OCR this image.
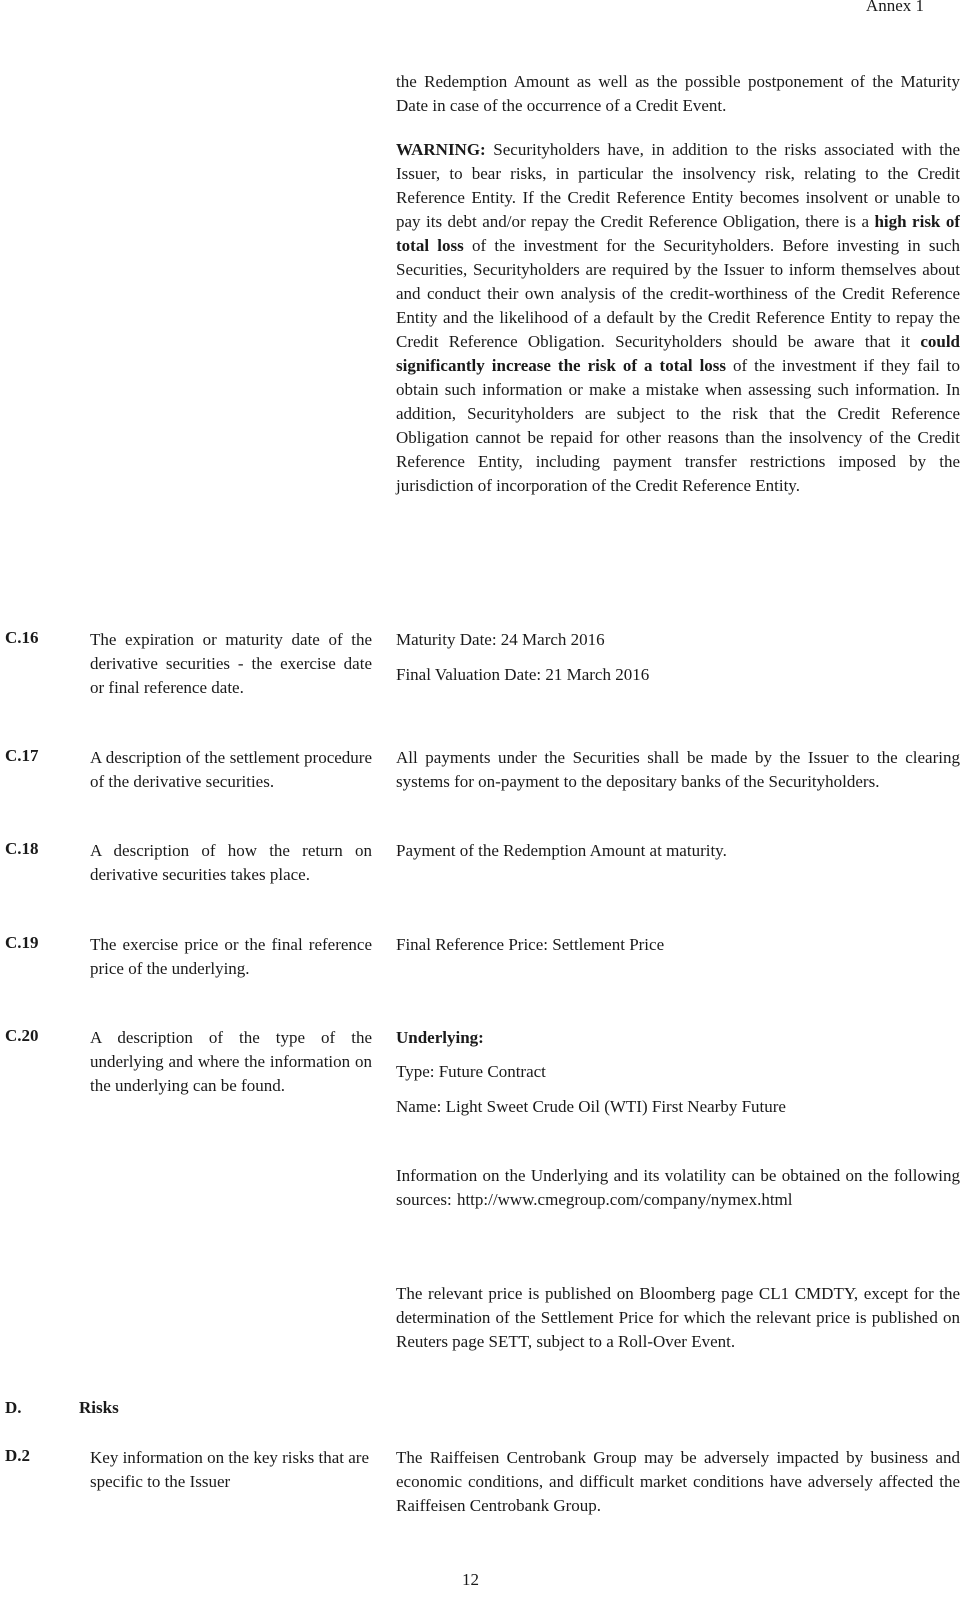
Annex 1

the Redemption Amount as well as the possible postponement of the Maturity Date in case of the occurrence of a Credit Event.

WARNING: Securityholders have, in addition to the risks associated with the Issuer, to bear risks, in particular the insolvency risk, relating to the Credit Reference Entity. If the Credit Reference Entity becomes insolvent or unable to pay its debt and/or repay the Credit Reference Obligation, there is a high risk of total loss of the investment for the Securityholders. Before investing in such Securities, Securityholders are required by the Issuer to inform themselves about and conduct their own analysis of the credit-worthiness of the Credit Reference Entity and the likelihood of a default by the Credit Reference Entity to repay the Credit Reference Obligation. Securityholders should be aware that it could significantly increase the risk of a total loss of the investment if they fail to obtain such information or make a mistake when assessing such information. In addition, Securityholders are subject to the risk that the Credit Reference Obligation cannot be repaid for other reasons than the insolvency of the Credit Reference Entity, including payment transfer restrictions imposed by the jurisdiction of incorporation of the Credit Reference Entity.

C.16	The expiration or maturity date of the derivative securities - the exercise date or final reference date.

Maturity Date: 24 March 2016

Final Valuation Date: 21 March 2016

C.17	A description of the settlement procedure of the derivative securities.

All payments under the Securities shall be made by the Issuer to the clearing systems for on-payment to the depositary banks of the Securityholders.

C.18	A description of how the return on derivative securities takes place.

Payment of the Redemption Amount at maturity.

C.19	The exercise price or the final reference price of the underlying.

Final Reference Price: Settlement Price

C.20	A description of the type of the underlying and where the information on the underlying can be found.

Underlying:

Type: Future Contract

Name: Light Sweet Crude Oil (WTI) First Nearby Future

Information on the Underlying and its volatility can be obtained on the following sources: http://www.cmegroup.com/company/nymex.html

The relevant price is published on Bloomberg page CL1 CMDTY, except for the determination of the Settlement Price for which the relevant price is published on Reuters page SETT, subject to a Roll-Over Event.

D.	Risks
D.2	Key information on the key risks that are specific to the Issuer

The Raiffeisen Centrobank Group may be adversely impacted by business and economic conditions, and difficult market conditions have adversely affected the Raiffeisen Centrobank Group.

12
